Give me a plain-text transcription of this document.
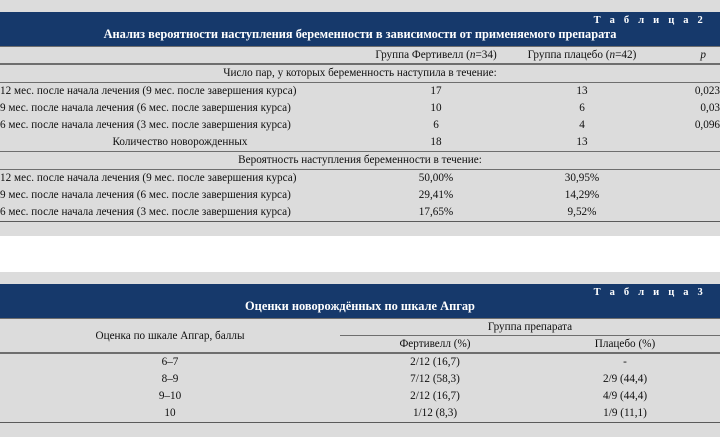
Т а б л и ц а 2
Анализ вероятности наступления беременности в зависимости от применяемого препарата
	Группа Фертивелл (n=34)	Группа плацебо (n=42)	p
Число пар, у которых беременность наступила в течение:			
12 мес. после начала лечения (9 мес. после завершения курса)	17	13	0,023
9 мес. после начала лечения (6 мес. после завершения курса)	10	6	0,03
6 мес. после начала лечения (3 мес. после завершения курса)	6	4	0,096
Количество новорожденных	18	13	
Вероятность наступления беременности в течение:			
12 мес. после начала лечения (9 мес. после завершения курса)	50,00%	30,95%	
9 мес. после начала лечения (6 мес. после завершения курса)	29,41%	14,29%	
6 мес. после начала лечения (3 мес. после завершения курса)	17,65%	9,52%	
Т а б л и ц а 3
Оценки новорождённых по шкале Апгар
Оценка по шкале Апгар, баллы	Группа препарата	
	Фертивелл (%)	Плацебо (%)
6–7	2/12 (16,7)	-
8–9	7/12 (58,3)	2/9 (44,4)
9–10	2/12 (16,7)	4/9 (44,4)
10	1/12 (8,3)	1/9 (11,1)
